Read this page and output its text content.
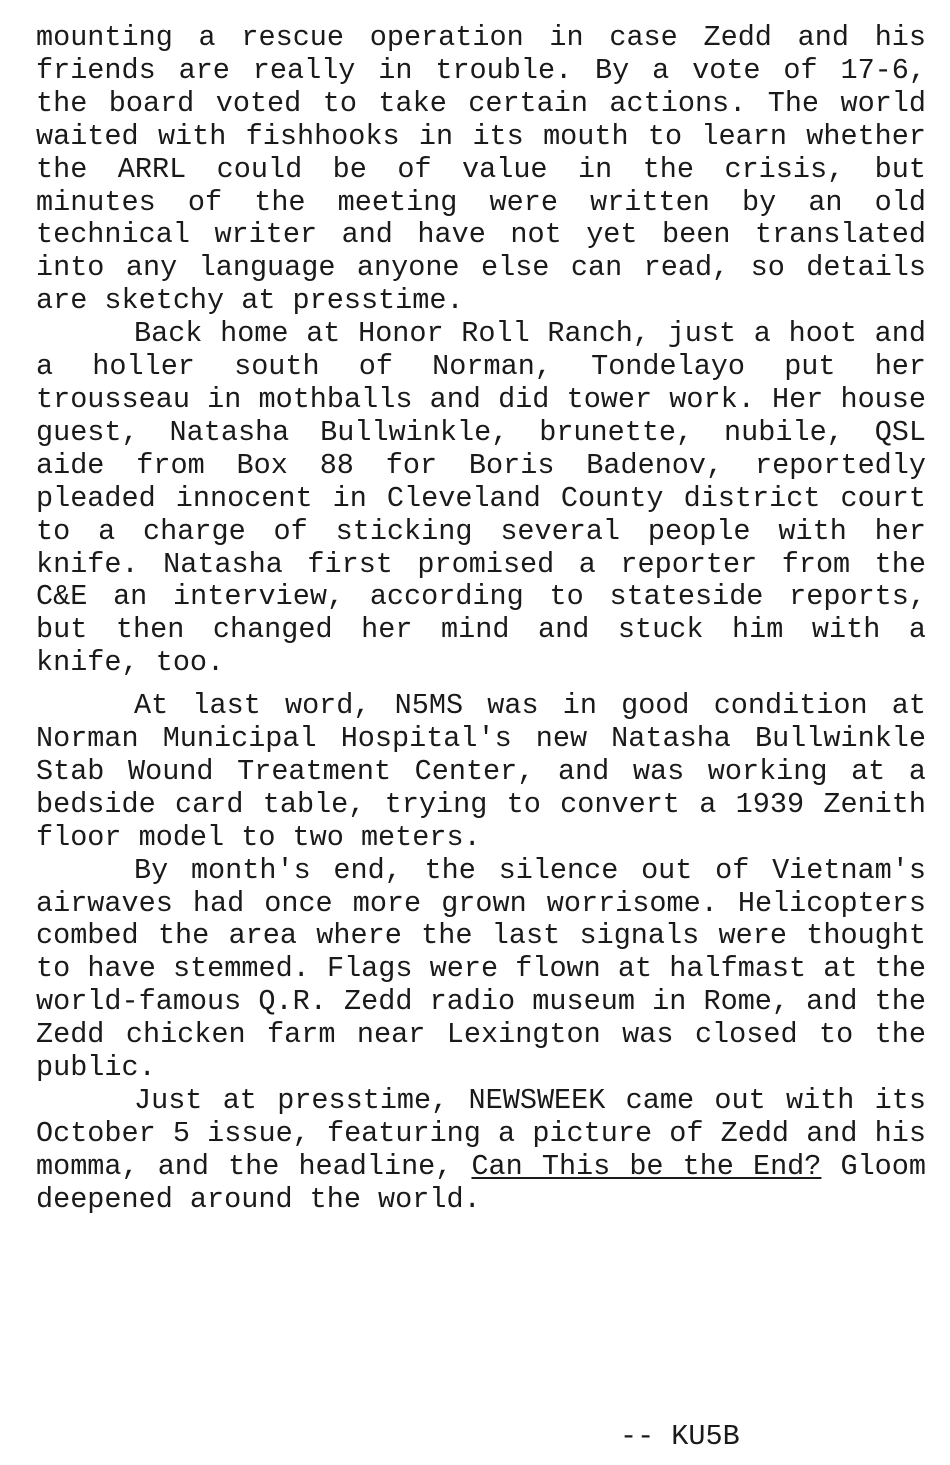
mounting a rescue operation in case Zedd and his friends are really in trouble. By a vote of 17-6, the board voted to take certain actions. The world waited with fishhooks in its mouth to learn whether the ARRL could be of value in the crisis, but minutes of the meeting were written by an old technical writer and have not yet been translated into any language anyone else can read, so details are sketchy at presstime.

Back home at Honor Roll Ranch, just a hoot and a holler south of Norman, Tondelayo put her trousseau in mothballs and did tower work. Her house guest, Natasha Bullwinkle, brunette, nubile, QSL aide from Box 88 for Boris Badenov, reportedly pleaded innocent in Cleveland County district court to a charge of sticking several people with her knife. Natasha first promised a reporter from the C&E an interview, according to stateside reports, but then changed her mind and stuck him with a knife, too.

At last word, N5MS was in good condition at Norman Municipal Hospital's new Natasha Bullwinkle Stab Wound Treatment Center, and was working at a bedside card table, trying to convert a 1939 Zenith floor model to two meters.

By month's end, the silence out of Vietnam's airwaves had once more grown worrisome. Helicopters combed the area where the last signals were thought to have stemmed. Flags were flown at halfmast at the world-famous Q.R. Zedd radio museum in Rome, and the Zedd chicken farm near Lexington was closed to the public.

Just at presstime, NEWSWEEK came out with its October 5 issue, featuring a picture of Zedd and his momma, and the headline, Can This be the End? Gloom deepened around the world.

-- KU5B
